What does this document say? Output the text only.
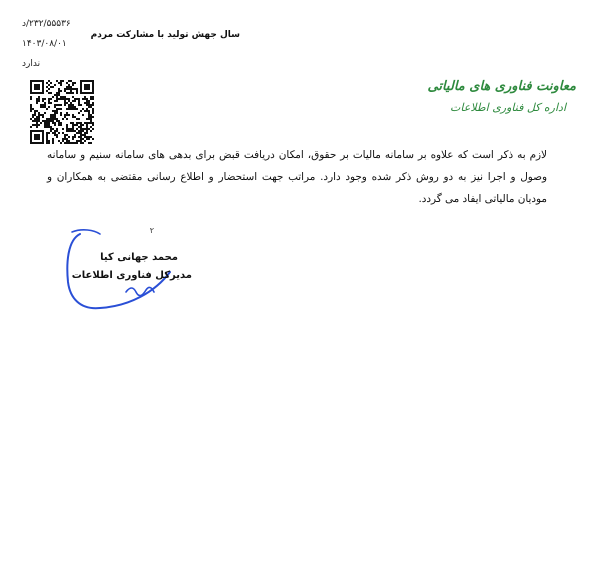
۲۳۲/۵۵۵۳۶/د
۱۴۰۳/۰۸/۰۱
ندارد
سال جهش تولید با مشارکت مردم
معاونت فناوری های مالیاتی
اداره کل فناوری اطلاعات
لازم به ذکر است که علاوه بر سامانه مالیات بر حقوق، امکان دریافت قبض برای بدهی های سامانه سنیم و سامانه وصول و اجرا نیز به دو روش ذکر شده وجود دارد. مراتب جهت استحضار و اطلاع رسانی مقتضی به همکاران و مودیان مالیاتی ایفاد می گردد.
۲
محمد جهانی کیا
مدیرکل فناوری اطلاعات
